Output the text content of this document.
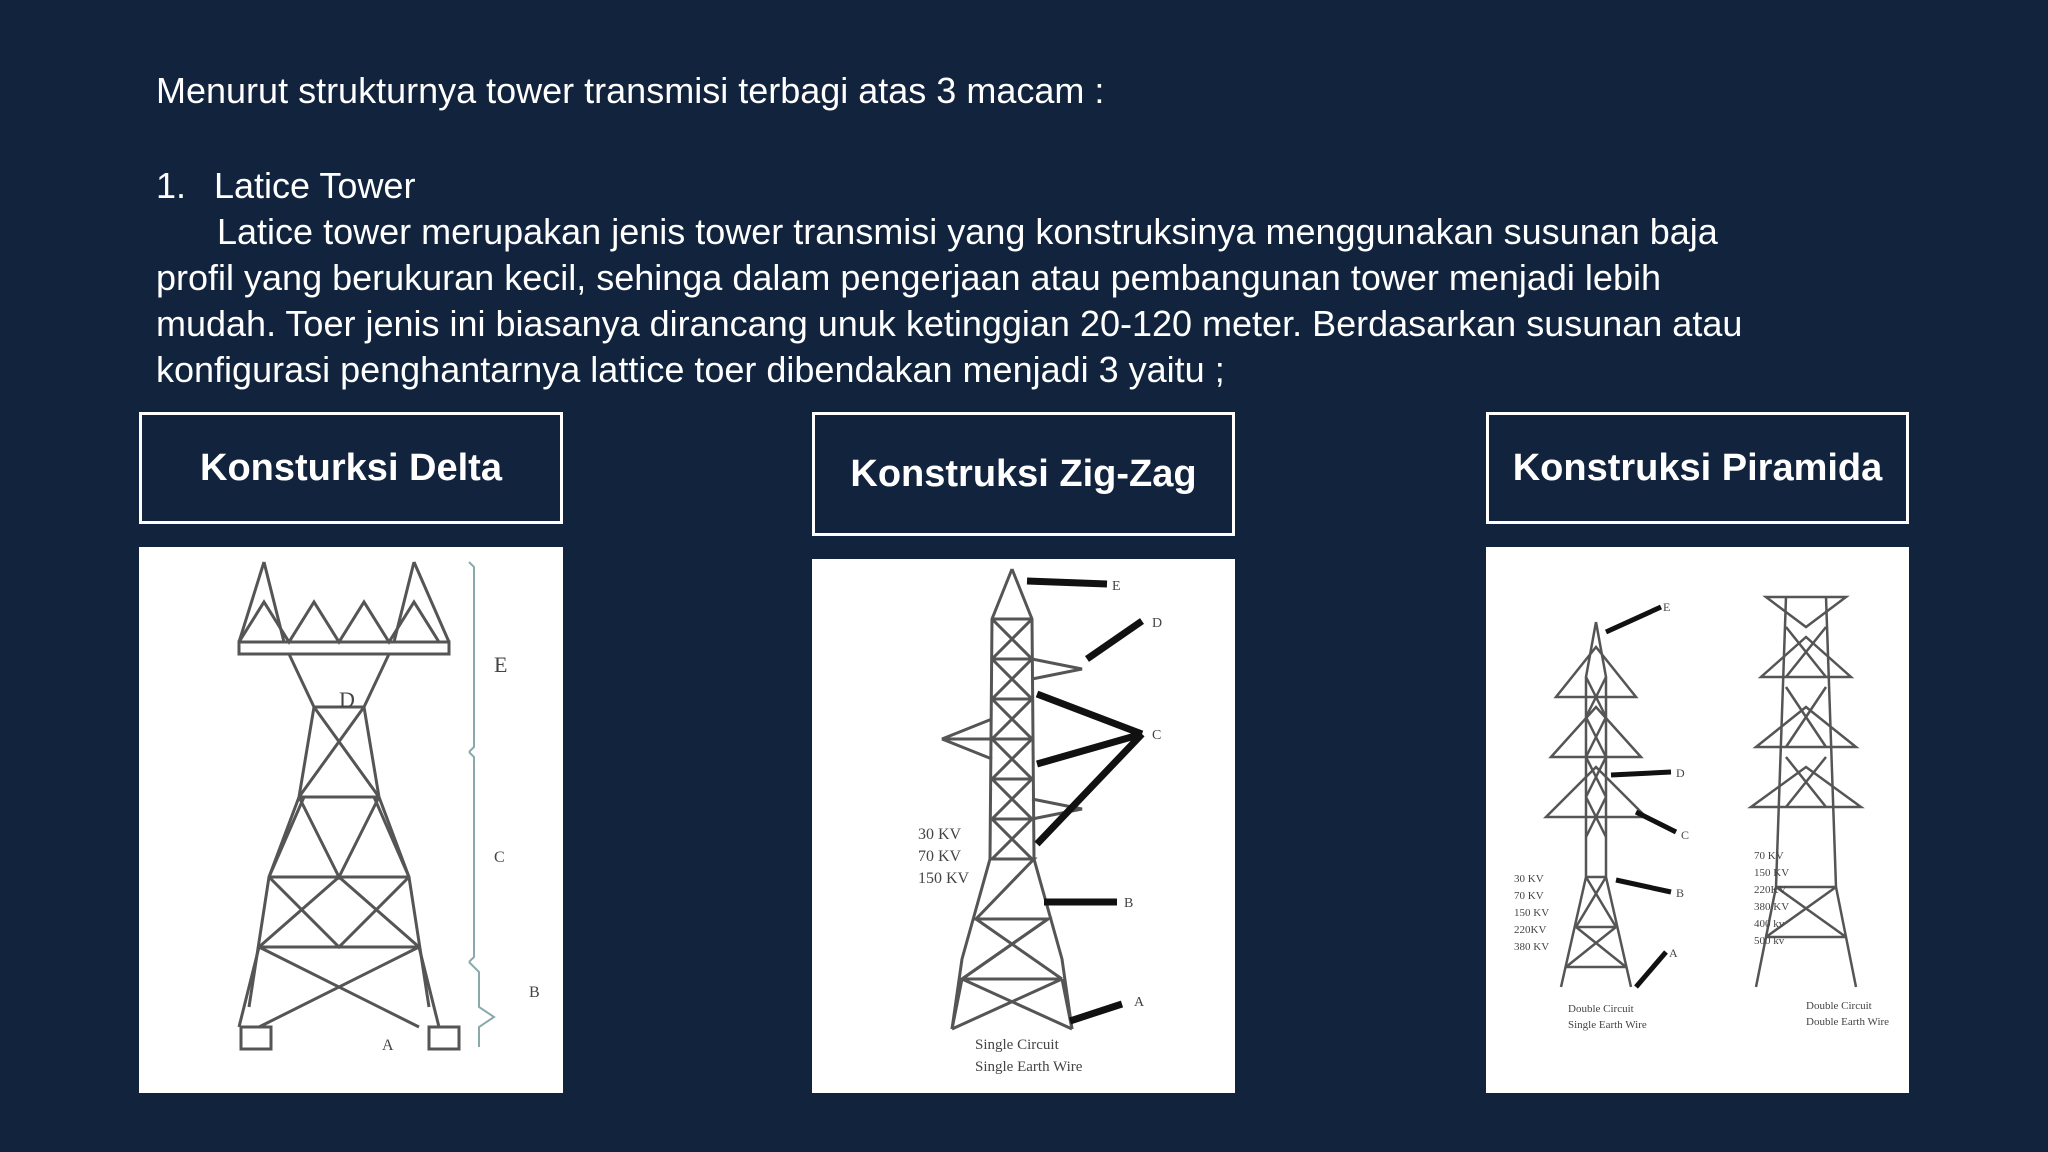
Menurut strukturnya tower transmisi terbagi atas 3 macam :
1. Latice Tower
Latice tower merupakan jenis tower transmisi yang konstruksinya menggunakan susunan baja
profil yang berukuran kecil, sehinga dalam pengerjaan atau pembangunan tower menjadi lebih
mudah. Toer jenis ini biasanya dirancang unuk ketinggian 20-120 meter. Berdasarkan susunan atau
konfigurasi penghantarnya lattice toer dibendakan menjadi 3 yaitu ;
Konsturksi Delta	Konstruksi Zig-Zag	Konstruksi Piramida
E
D
C
B
A
E
D
C
B
A
30 KV
70 KV
150 KV
Single Circuit
Single Earth Wire
E
D
C
B
A
30 KV
70 KV
150 KV
220KV
380 KV
70 KV
150 KV
220KV
380 KV
400 kv
500 kv
Double Circuit
Single Earth Wire
Double Circuit
Double Earth Wire
